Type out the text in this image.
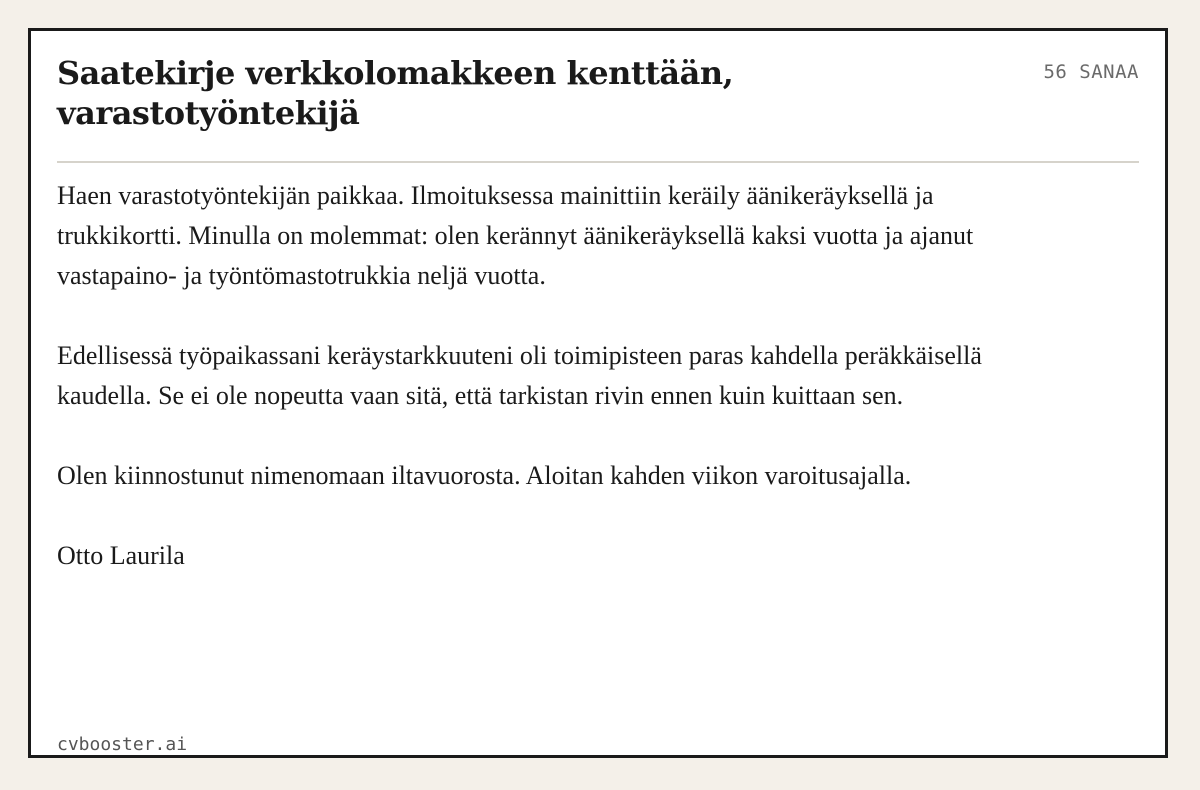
Saatekirje verkkolomakkeen kenttään, varastotyöntekijä
56 SANAA

Haen varastotyöntekijän paikkaa. Ilmoituksessa mainittiin keräily äänikeräyksellä ja trukkikortti. Minulla on molemmat: olen kerännyt äänikeräyksellä kaksi vuotta ja ajanut vastapaino- ja työntömastotrukkia neljä vuotta.

Edellisessä työpaikassani keräystarkkuuteni oli toimipisteen paras kahdella peräkkäisellä kaudella. Se ei ole nopeutta vaan sitä, että tarkistan rivin ennen kuin kuittaan sen.

Olen kiinnostunut nimenomaan iltavuorosta. Aloitan kahden viikon varoitusajalla.

Otto Laurila

cvbooster.ai
